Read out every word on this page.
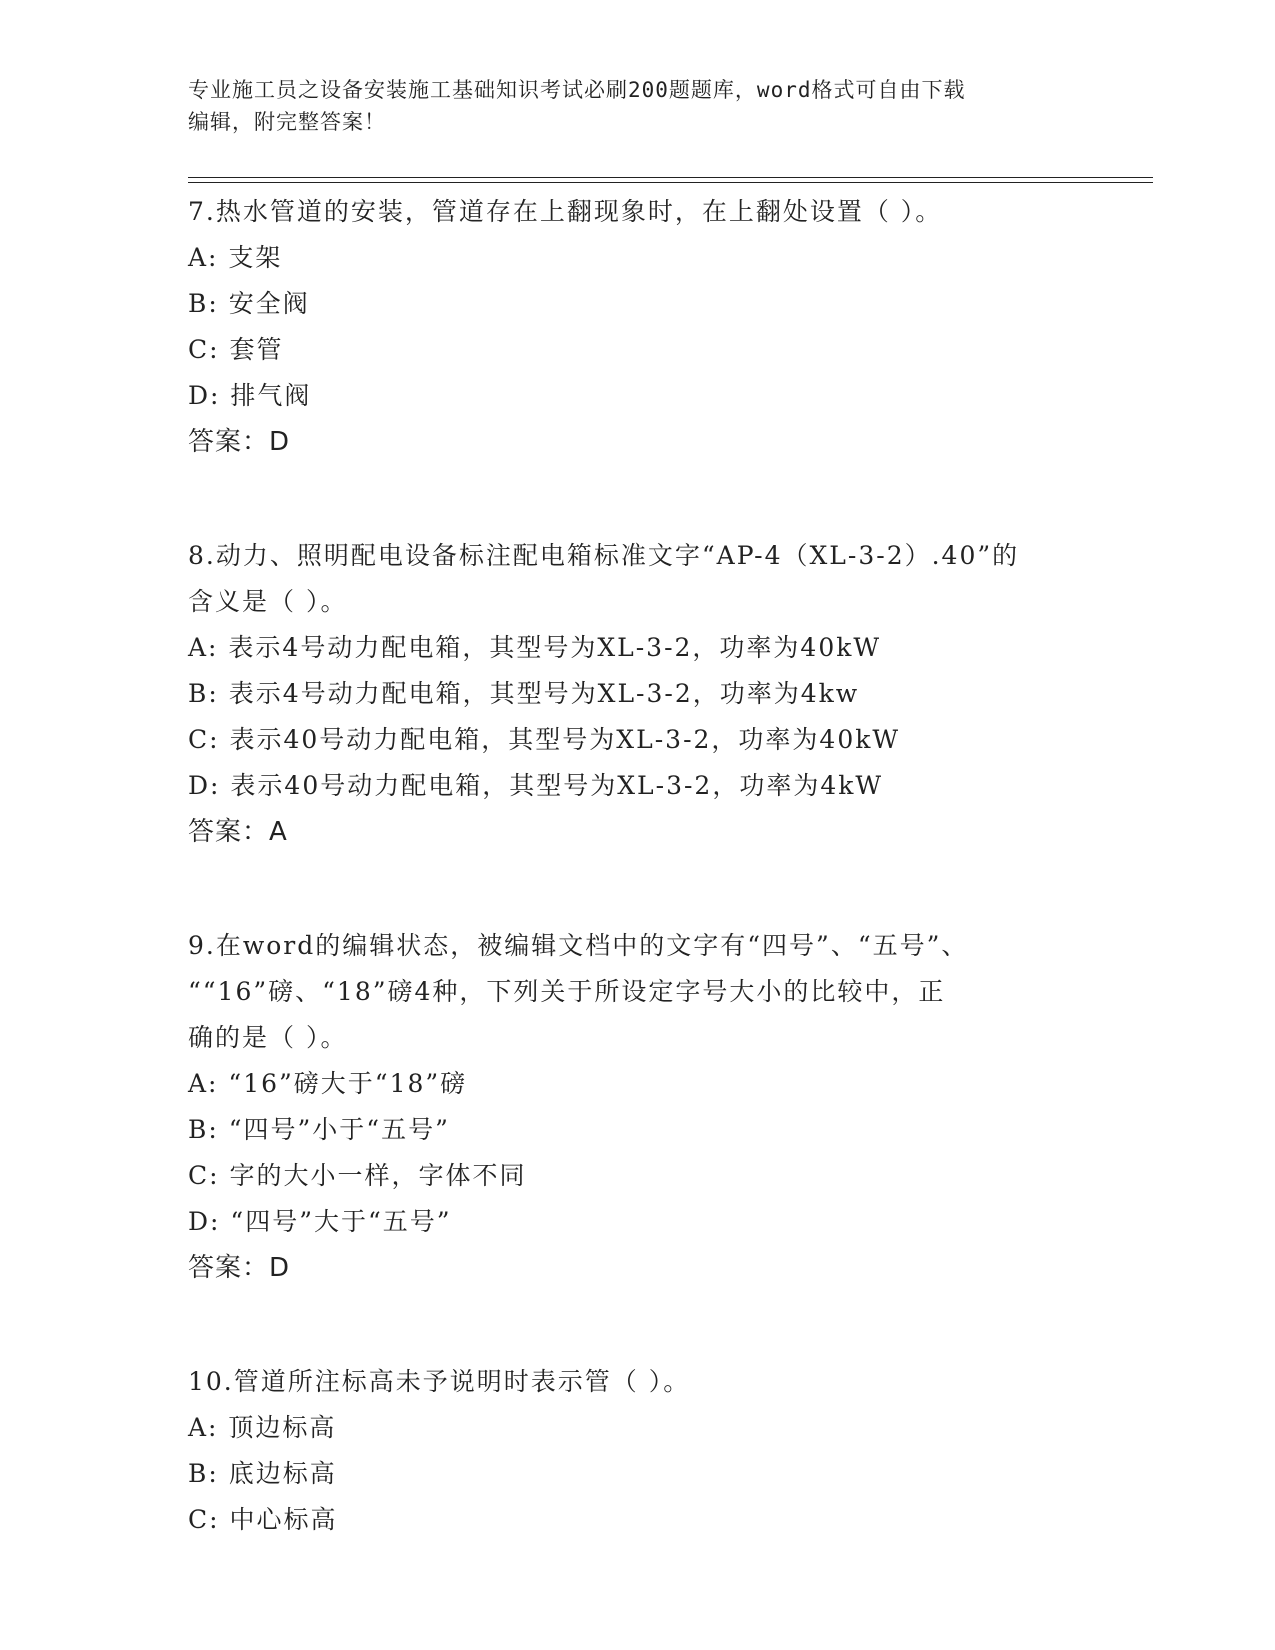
专业施工员之设备安装施工基础知识考试必刷200题题库，word格式可自由下载
编辑，附完整答案！
7.热水管道的安装，管道存在上翻现象时，在上翻处设置（ ）。
A: 支架
B: 安全阀
C: 套管
D: 排气阀
答案：D
8.动力、照明配电设备标注配电箱标准文字“AP-4（XL-3-2）.40”的
含义是（ ）。
A: 表示4号动力配电箱，其型号为XL-3-2，功率为40kW
B: 表示4号动力配电箱，其型号为XL-3-2，功率为4kw
C: 表示40号动力配电箱，其型号为XL-3-2，功率为40kW
D: 表示40号动力配电箱，其型号为XL-3-2，功率为4kW
答案：A
9.在word的编辑状态，被编辑文档中的文字有“四号”、“五号”、
““16”磅、“18”磅4种，下列关于所设定字号大小的比较中，正
确的是（ ）。
A: “16”磅大于“18”磅
B: “四号”小于“五号”
C: 字的大小一样，字体不同
D: “四号”大于“五号”
答案：D
10.管道所注标高未予说明时表示管（ ）。
A: 顶边标高
B: 底边标高
C: 中心标高
